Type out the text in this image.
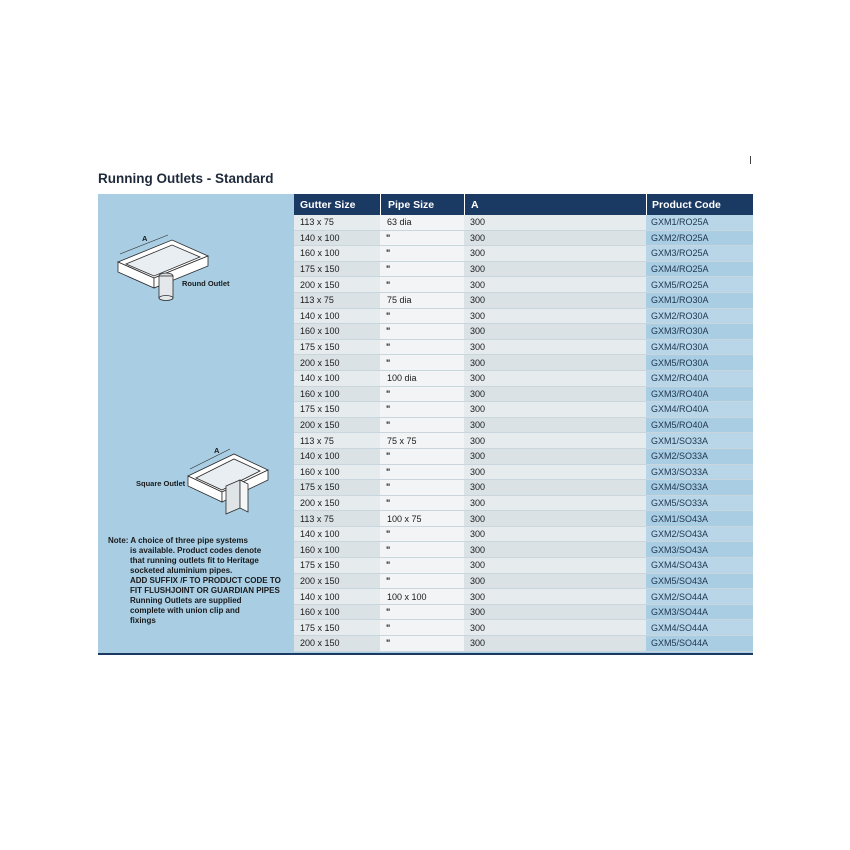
Running Outlets - Standard
A
Round Outlet
A
Square Outlet
Note: A choice of three pipe systems
is available. Product codes denote
that running outlets fit to Heritage
socketed aluminium pipes.
ADD SUFFIX /F TO PRODUCT CODE TO
FIT FLUSHJOINT OR GUARDIAN PIPES
Running Outlets are supplied
complete with union clip and
fixings
Gutter Size	Pipe Size	A	Product Code
113 x 75	63 dia	300	GXM1/RO25A
140 x 100	"	300	GXM2/RO25A
160 x 100	"	300	GXM3/RO25A
175 x 150	"	300	GXM4/RO25A
200 x 150	"	300	GXM5/RO25A
113 x 75	75 dia	300	GXM1/RO30A
140 x 100	"	300	GXM2/RO30A
160 x 100	"	300	GXM3/RO30A
175 x 150	"	300	GXM4/RO30A
200 x 150	"	300	GXM5/RO30A
140 x 100	100 dia	300	GXM2/RO40A
160 x 100	"	300	GXM3/RO40A
175 x 150	"	300	GXM4/RO40A
200 x 150	"	300	GXM5/RO40A
113 x 75	75 x 75	300	GXM1/SO33A
140 x 100	"	300	GXM2/SO33A
160 x 100	"	300	GXM3/SO33A
175 x 150	"	300	GXM4/SO33A
200 x 150	"	300	GXM5/SO33A
113 x 75	100 x 75	300	GXM1/SO43A
140 x 100	"	300	GXM2/SO43A
160 x 100	"	300	GXM3/SO43A
175 x 150	"	300	GXM4/SO43A
200 x 150	"	300	GXM5/SO43A
140 x 100	100 x 100	300	GXM2/SO44A
160 x 100	"	300	GXM3/SO44A
175 x 150	"	300	GXM4/SO44A
200 x 150	"	300	GXM5/SO44A
